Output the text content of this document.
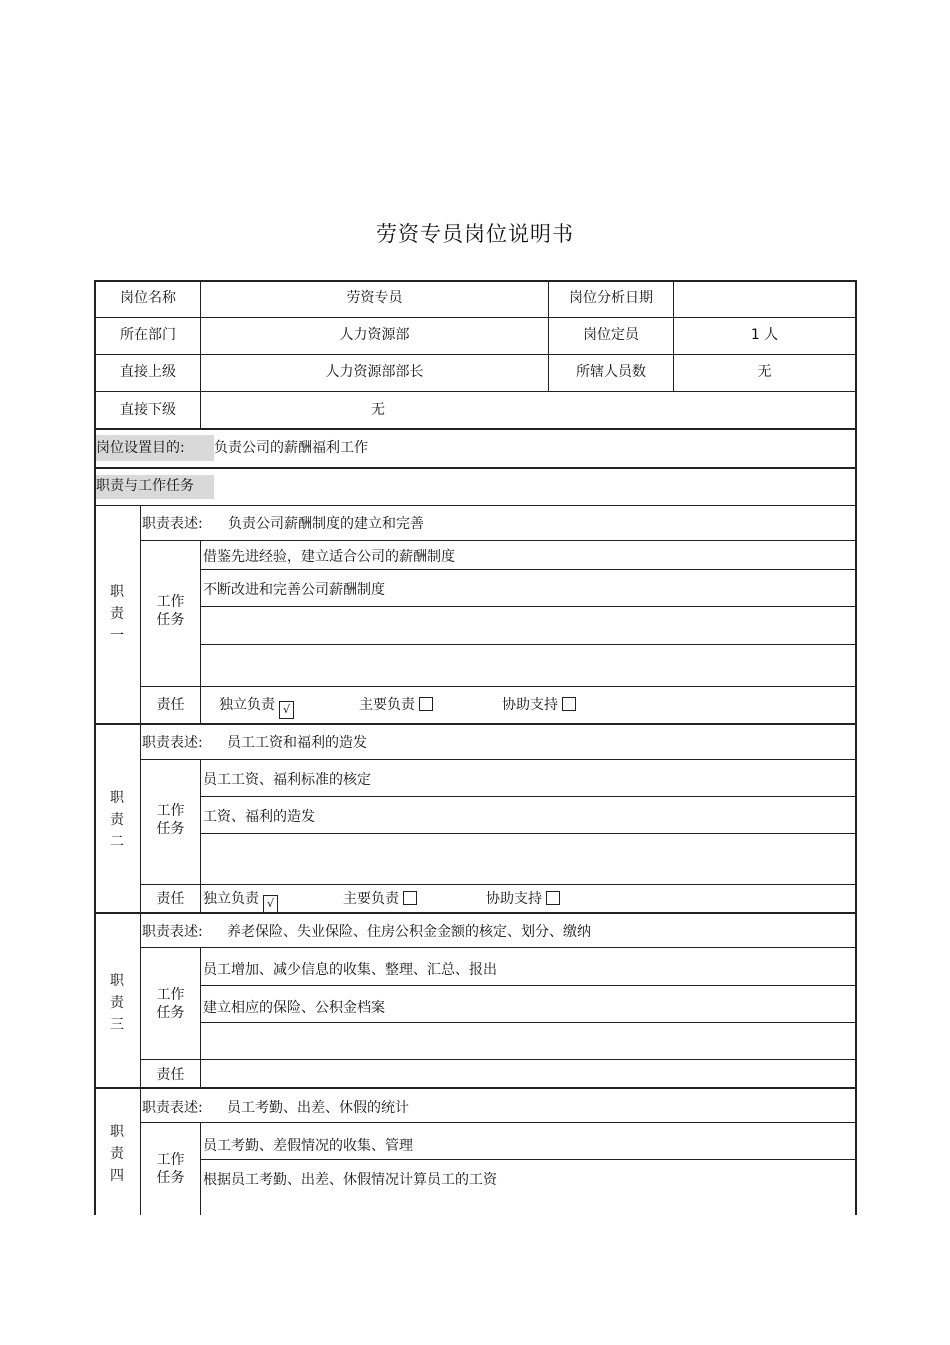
劳资专员岗位说明书
岗位名称	劳资专员	岗位分析日期
所在部门	人力资源部	岗位定员	1 人
直接上级	人力资源部部长	所辖人员数	无
直接下级	无
岗位设置目的: 负责公司的薪酬福利工作
职责与工作任务
职
责
一
职责表述: 负责公司薪酬制度的建立和完善
工作
任务
借鉴先进经验，建立适合公司的薪酬制度
不断改进和完善公司薪酬制度
责任	独立负责 √	主要负责	协助支持
职
责
二
职责表述: 员工工资和福利的造发
工作
任务
员工工资、福利标准的核定
工资、福利的造发
责任	独立负责 √	主要负责	协助支持
职
责
三
职责表述: 养老保险、失业保险、住房公积金金额的核定、划分、缴纳
工作
任务
员工增加、减少信息的收集、整理、汇总、报出
建立相应的保险、公积金档案
责任
职
责
四
职责表述: 员工考勤、出差、休假的统计
工作
任务
员工考勤、差假情况的收集、管理
根据员工考勤、出差、休假情况计算员工的工资
